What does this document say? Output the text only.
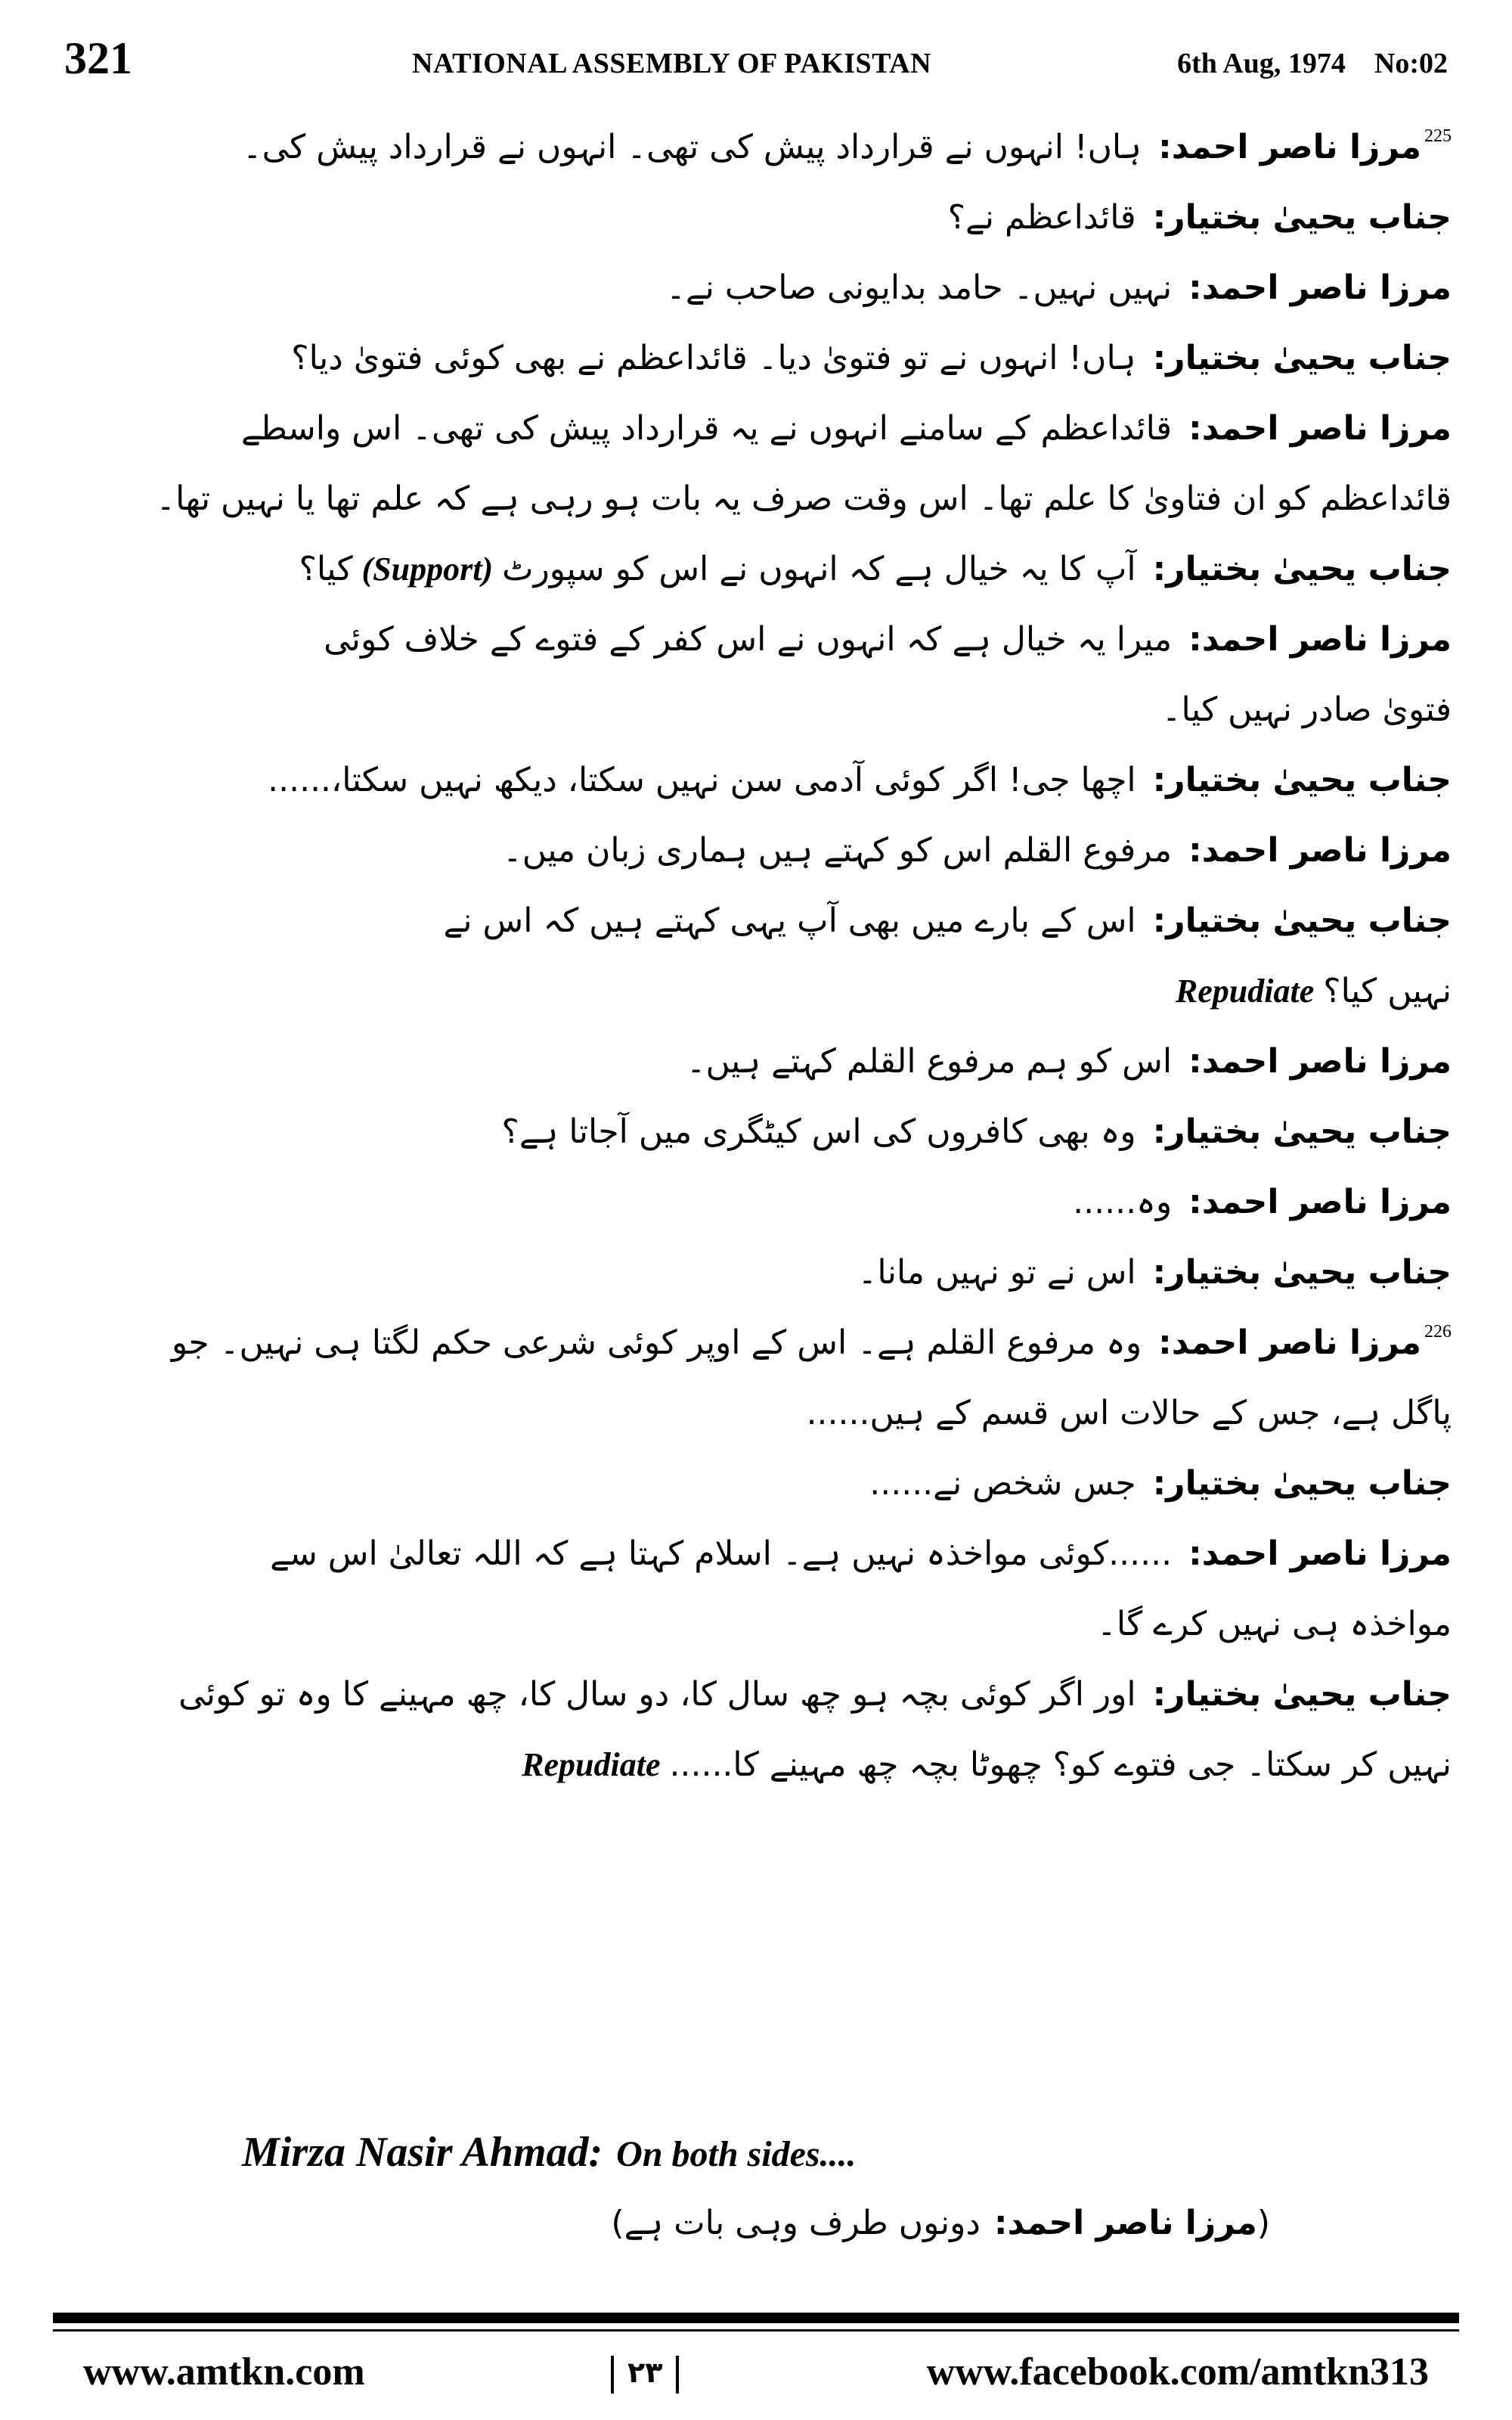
321	NATIONAL ASSEMBLY OF PAKISTAN	6th Aug, 1974 No:02
$^{225}$مرزا ناصر احمد:ہاں! انہوں نے قرارداد پیش کی تھی۔ انہوں نے قرارداد پیش کی۔
جناب یحییٰ بختیار:قائداعظم نے؟
مرزا ناصر احمد:نہیں نہیں۔ حامد بدایونی صاحب نے۔
جناب یحییٰ بختیار:ہاں! انہوں نے تو فتویٰ دیا۔ قائداعظم نے بھی کوئی فتویٰ دیا؟
مرزا ناصر احمد:قائداعظم کے سامنے انہوں نے یہ قرارداد پیش کی تھی۔ اس واسطے
قائداعظم کو ان فتاویٰ کا علم تھا۔ اس وقت صرف یہ بات ہو رہی ہے کہ علم تھا یا نہیں تھا۔
جناب یحییٰ بختیار:آپ کا یہ خیال ہے کہ انہوں نے اس کو سپورٹ(Support)کیا؟
مرزا ناصر احمد:میرا یہ خیال ہے کہ انہوں نے اس کفر کے فتوے کے خلاف کوئی
فتویٰ صادر نہیں کیا۔
جناب یحییٰ بختیار:اچھا جی! اگر کوئی آدمی سن نہیں سکتا، دیکھ نہیں سکتا،......
مرزا ناصر احمد:مرفوع القلم اس کو کہتے ہیں ہماری زبان میں۔
جناب یحییٰ بختیار:اس کے بارے میں بھی آپ یہی کہتے ہیں کہ اس نے
نہیں کیا؟Repudiate
مرزا ناصر احمد:اس کو ہم مرفوع القلم کہتے ہیں۔
جناب یحییٰ بختیار:وہ بھی کافروں کی اس کیٹگری میں آجاتا ہے؟
مرزا ناصر احمد:وہ......
جناب یحییٰ بختیار:اس نے تو نہیں مانا۔
$^{226}$مرزا ناصر احمد:وہ مرفوع القلم ہے۔ اس کے اوپر کوئی شرعی حکم لگتا ہی نہیں۔ جو
پاگل ہے، جس کے حالات اس قسم کے ہیں......
جناب یحییٰ بختیار:جس شخص نے......
مرزا ناصر احمد:......کوئی مواخذہ نہیں ہے۔ اسلام کہتا ہے کہ اللہ تعالیٰ اس سے
مواخذہ ہی نہیں کرے گا۔
جناب یحییٰ بختیار:اور اگر کوئی بچہ ہو چھ سال کا، دو سال کا، چھ مہینے کا وہ تو کوئی
نہیں کر سکتا۔ جی فتوے کو؟ چھوٹا بچہ چھ مہینے کا......Repudiate
Mirza Nasir Ahmad: On both sides....
(مرزا ناصر احمد:دونوں طرف وہی بات ہے)
www.amtkn.com	۲۳	www.facebook.com/amtkn313
